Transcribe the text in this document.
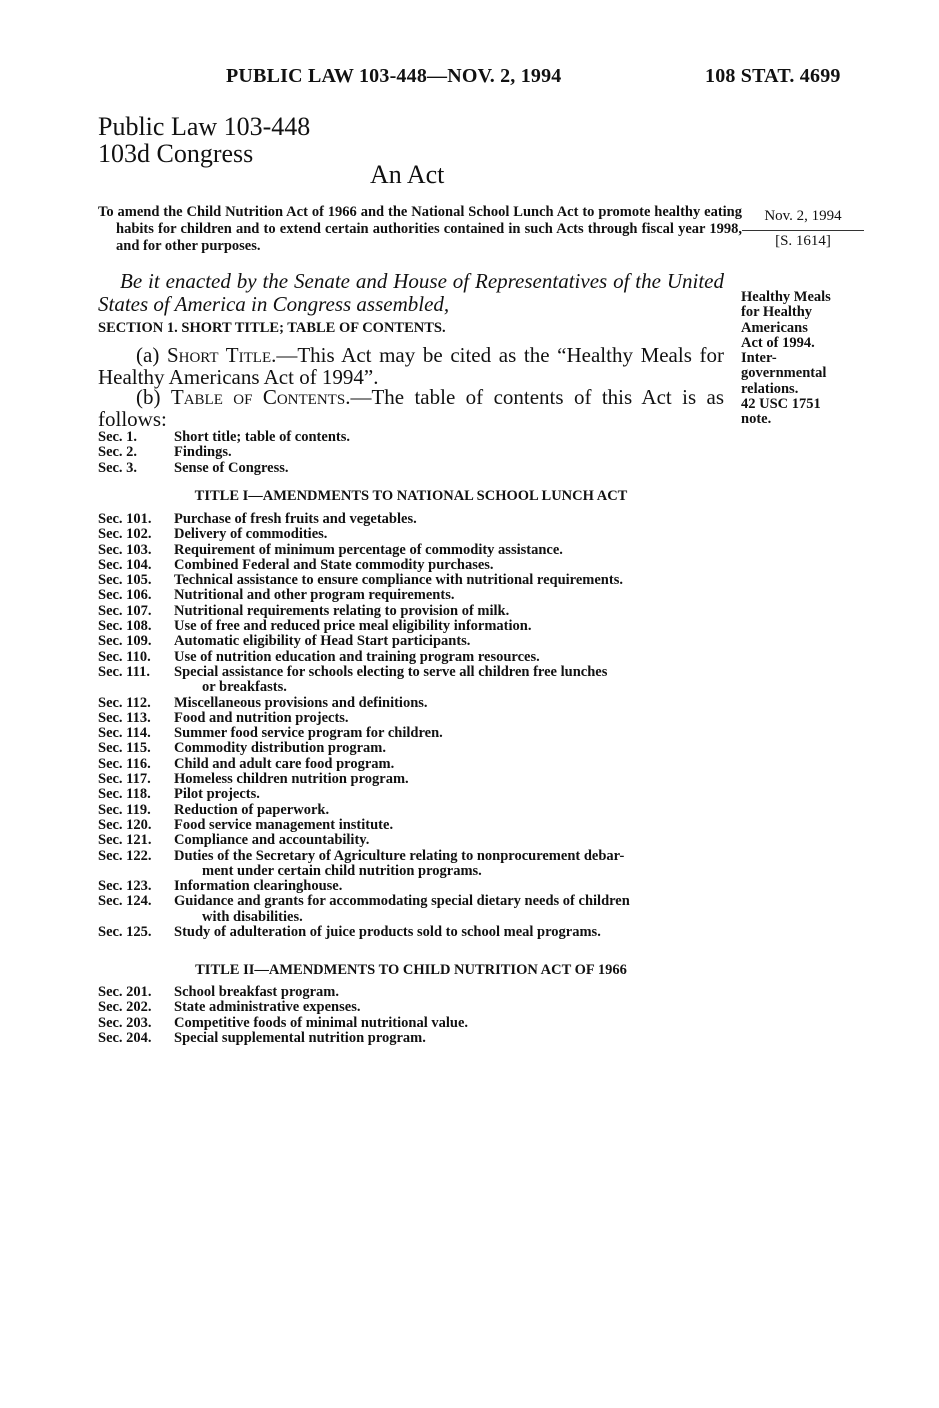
PUBLIC LAW 103-448—NOV. 2, 1994	108 STAT. 4699
Public Law 103-448
103d Congress
An Act
To amend the Child Nutrition Act of 1966 and the National School Lunch Act to promote healthy eating habits for children and to extend certain authorities contained in such Acts through fiscal year 1998, and for other purposes.
Nov. 2, 1994
[S. 1614]
Be it enacted by the Senate and House of Representatives of the United States of America in Congress assembled,	Healthy Meals
for Healthy
Americans
Act of 1994.
Inter-
governmental
relations.
42 USC 1751
note.
SECTION 1. SHORT TITLE; TABLE OF CONTENTS.
(a) Short Title.—This Act may be cited as the “Healthy Meals for Healthy Americans Act of 1994”.
(b) Table of Contents.—The table of contents of this Act is as follows:
Sec. 1.	Short title; table of contents.
Sec. 2.	Findings.
Sec. 3.	Sense of Congress.
TITLE I—AMENDMENTS TO NATIONAL SCHOOL LUNCH ACT
Sec. 101. Purchase of fresh fruits and vegetables.
Sec. 102. Delivery of commodities.
Sec. 103. Requirement of minimum percentage of commodity assistance.
Sec. 104. Combined Federal and State commodity purchases.
Sec. 105. Technical assistance to ensure compliance with nutritional requirements.
Sec. 106. Nutritional and other program requirements.
Sec. 107. Nutritional requirements relating to provision of milk.
Sec. 108. Use of free and reduced price meal eligibility information.
Sec. 109. Automatic eligibility of Head Start participants.
Sec. 110. Use of nutrition education and training program resources.
Sec. 111. Special assistance for schools electing to serve all children free lunches
or breakfasts.
Sec. 112. Miscellaneous provisions and definitions.
Sec. 113. Food and nutrition projects.
Sec. 114. Summer food service program for children.
Sec. 115. Commodity distribution program.
Sec. 116. Child and adult care food program.
Sec. 117. Homeless children nutrition program.
Sec. 118. Pilot projects.
Sec. 119. Reduction of paperwork.
Sec. 120. Food service management institute.
Sec. 121. Compliance and accountability.
Sec. 122. Duties of the Secretary of Agriculture relating to nonprocurement debar-
ment under certain child nutrition programs.
Sec. 123. Information clearinghouse.
Sec. 124. Guidance and grants for accommodating special dietary needs of children
with disabilities.
Sec. 125. Study of adulteration of juice products sold to school meal programs.
TITLE II—AMENDMENTS TO CHILD NUTRITION ACT OF 1966
Sec. 201. School breakfast program.
Sec. 202. State administrative expenses.
Sec. 203. Competitive foods of minimal nutritional value.
Sec. 204. Special supplemental nutrition program.
